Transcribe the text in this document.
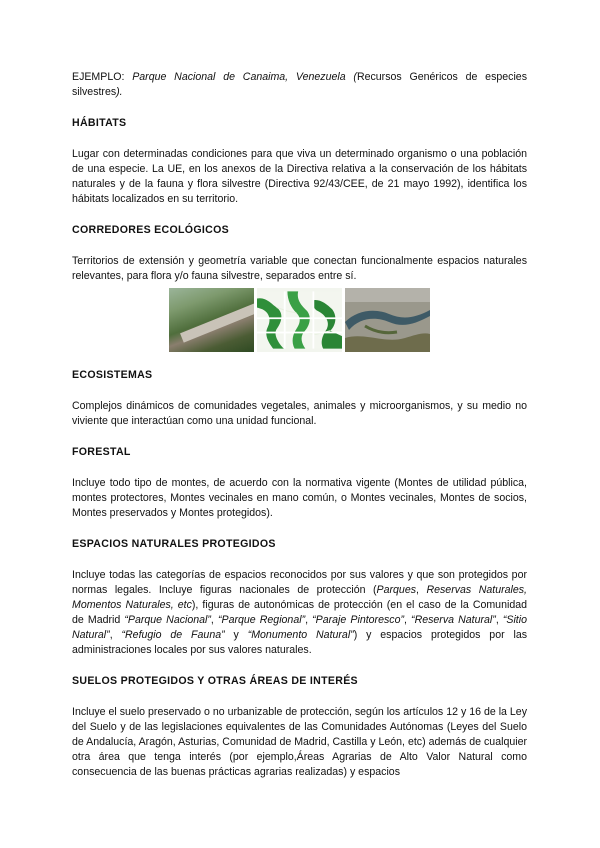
EJEMPLO: Parque Nacional de Canaima, Venezuela (Recursos Genéricos de especies silvestres).

HÁBITATS

Lugar con determinadas condiciones para que viva un determinado organismo o una población de una especie. La UE, en los anexos de la Directiva relativa a la conservación de los hábitats naturales y de la fauna y flora silvestre (Directiva 92/43/CEE, de 21 mayo 1992), identifica los hábitats localizados en su territorio.

CORREDORES ECOLÓGICOS

Territorios de extensión y geometría variable que conectan funcionalmente espacios naturales relevantes, para flora y/o fauna silvestre, separados entre sí.

ECOSISTEMAS

Complejos dinámicos de comunidades vegetales, animales y microorganismos, y su medio no viviente que interactúan como una unidad funcional.

FORESTAL

Incluye todo tipo de montes, de acuerdo con la normativa vigente (Montes de utilidad pública, montes protectores, Montes vecinales en mano común, o Montes vecinales, Montes de socios, Montes preservados y Montes protegidos).

ESPACIOS NATURALES PROTEGIDOS

Incluye todas las categorías de espacios reconocidos por sus valores y que son protegidos por normas legales. Incluye figuras nacionales de protección (Parques, Reservas Naturales, Momentos Naturales, etc), figuras de autonómicas de protección (en el caso de la Comunidad de Madrid “Parque Nacional”, “Parque Regional”, “Paraje Pintoresco”, “Reserva Natural”, “Sitio Natural”, “Refugio de Fauna” y “Monumento Natural”) y espacios protegidos por las administraciones locales por sus valores naturales.

SUELOS PROTEGIDOS Y OTRAS ÁREAS DE INTERÉS

Incluye el suelo preservado o no urbanizable de protección, según los artículos 12 y 16 de la Ley del Suelo y de las legislaciones equivalentes de las Comunidades Autónomas (Leyes del Suelo de Andalucía, Aragón, Asturias, Comunidad de Madrid, Castilla y León, etc) además de cualquier otra área que tenga interés (por ejemplo,Áreas Agrarias de Alto Valor Natural como consecuencia de las buenas prácticas agrarias realizadas) y espacios
